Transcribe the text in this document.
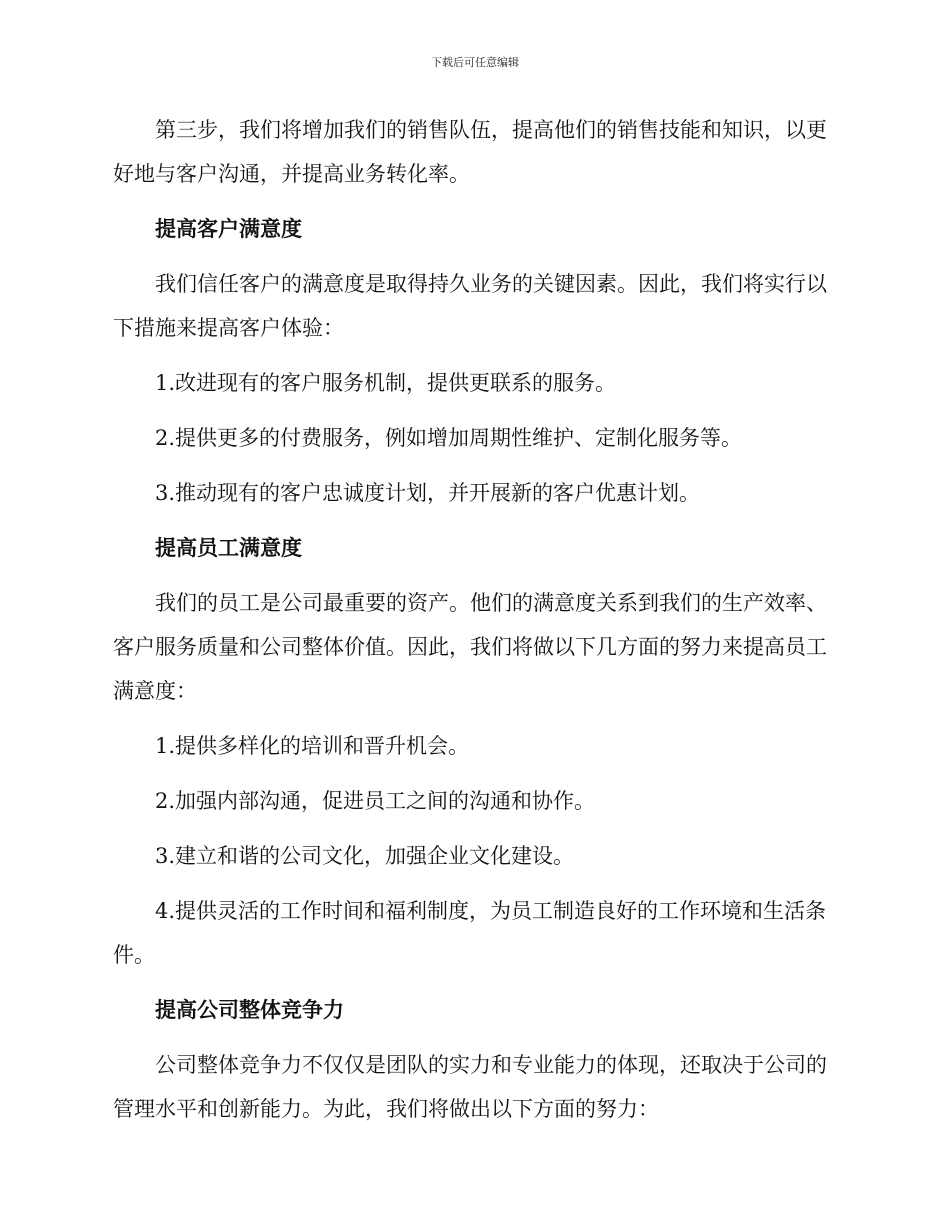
下载后可任意编辑

第三步，我们将增加我们的销售队伍，提高他们的销售技能和知识，以更好地与客户沟通，并提高业务转化率。

提高客户满意度

我们信任客户的满意度是取得持久业务的关键因素。因此，我们将实行以下措施来提高客户体验：

1.改进现有的客户服务机制，提供更联系的服务。

2.提供更多的付费服务，例如增加周期性维护、定制化服务等。

3.推动现有的客户忠诚度计划，并开展新的客户优惠计划。

提高员工满意度

我们的员工是公司最重要的资产。他们的满意度关系到我们的生产效率、客户服务质量和公司整体价值。因此，我们将做以下几方面的努力来提高员工满意度：

1.提供多样化的培训和晋升机会。

2.加强内部沟通，促进员工之间的沟通和协作。

3.建立和谐的公司文化，加强企业文化建设。

4.提供灵活的工作时间和福利制度，为员工制造良好的工作环境和生活条件。

提高公司整体竞争力

公司整体竞争力不仅仅是团队的实力和专业能力的体现，还取决于公司的管理水平和创新能力。为此，我们将做出以下方面的努力：
